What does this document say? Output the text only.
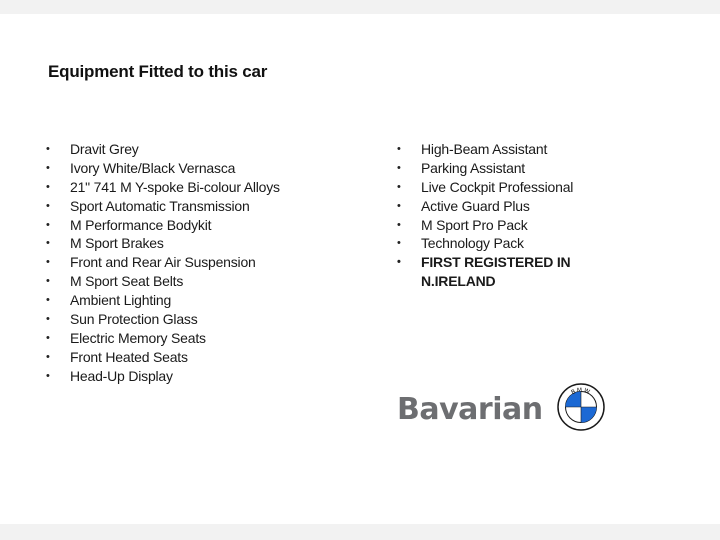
Equipment Fitted to this car
• Dravit Grey
• Ivory White/Black Vernasca
• 21" 741 M Y-spoke Bi-colour Alloys
• Sport Automatic Transmission
• M Performance Bodykit
• M Sport Brakes
• Front and Rear Air Suspension
• M Sport Seat Belts
• Ambient Lighting
• Sun Protection Glass
• Electric Memory Seats
• Front Heated Seats
• Head-Up Display
• High-Beam Assistant
• Parking Assistant
• Live Cockpit Professional
• Active Guard Plus
• M Sport Pro Pack
• Technology Pack
• FIRST REGISTERED IN N.IRELAND
Bavarian	BMW
